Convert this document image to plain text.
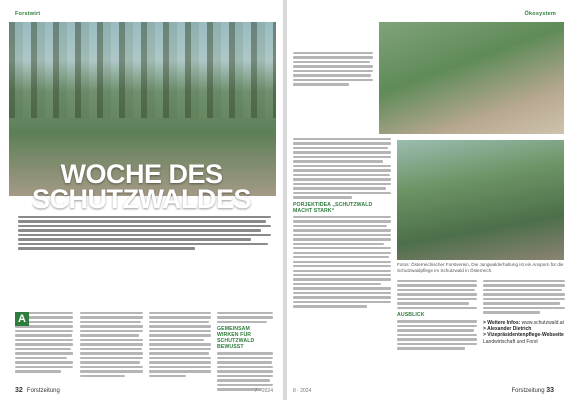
Forstwirt
WOCHE DES
SCHUTZWALDES
A
GEMEINSAM WIRKEN FÜR SCHUTZWALD BEWUSST
32 Forstzeitung	7 · 2024
Ökosystem
Fotos: Österreichischer Forstverein, Die Jungwalderhaltung ist ein Ansporn für die Schutzwaldpflege im Schutzwald in Österreich.
PORJEKTIDEA „SCHUTZWALD MACHT STARK“
AUSBLICK
> Weitere Infos: www.schutzwald.at
> Alexander Dietrich
> Vizepräsidentenpflege-Webseite Landwirtschaft und Forst
8 · 2024	Forstzeitung 33
